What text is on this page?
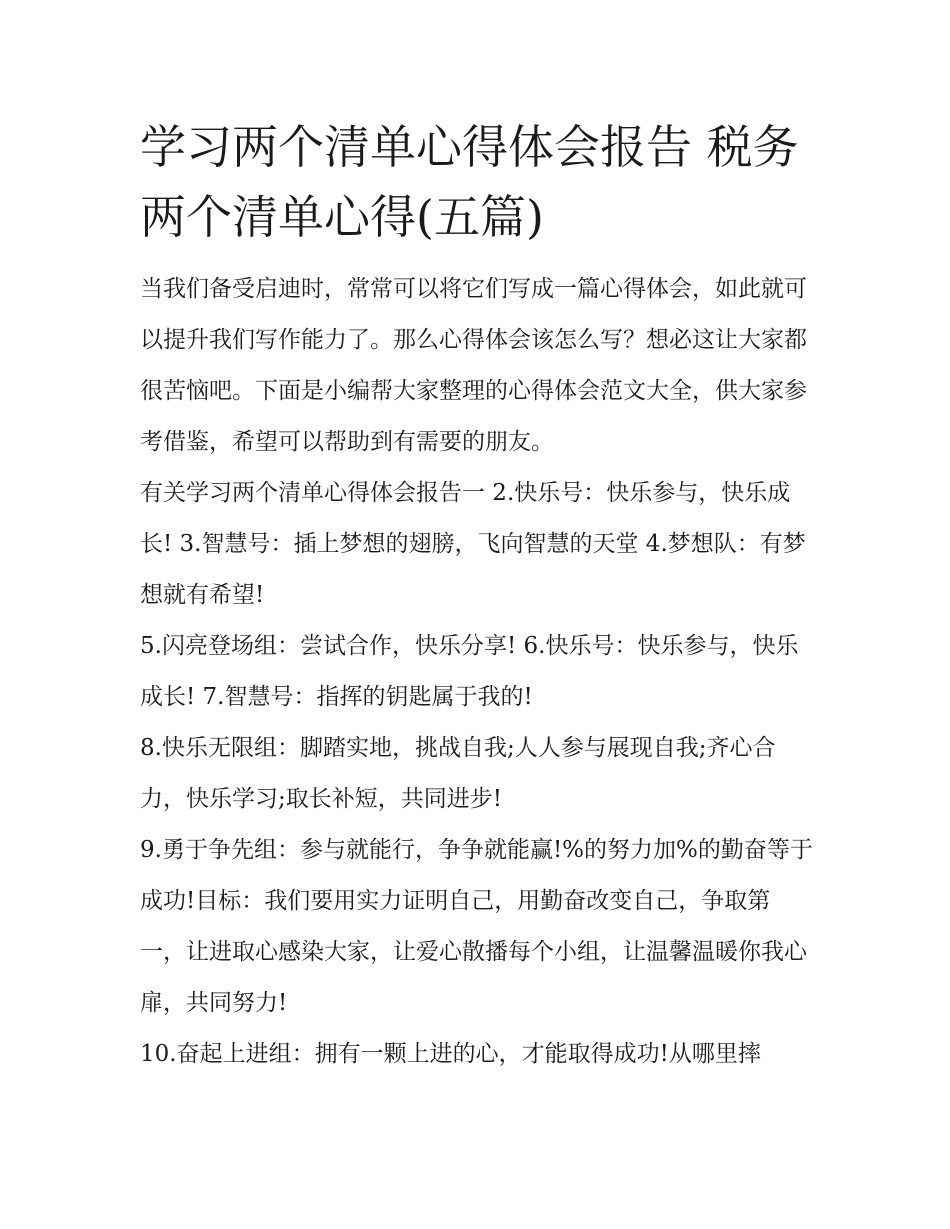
学习两个清单心得体会报告 税务两个清单心得(五篇)

当我们备受启迪时，常常可以将它们写成一篇心得体会，如此就可以提升我们写作能力了。那么心得体会该怎么写？想必这让大家都很苦恼吧。下面是小编帮大家整理的心得体会范文大全，供大家参考借鉴，希望可以帮助到有需要的朋友。

有关学习两个清单心得体会报告一 2.快乐号：快乐参与，快乐成长! 3.智慧号：插上梦想的翅膀，飞向智慧的天堂 4.梦想队：有梦想就有希望!

5.闪亮登场组：尝试合作，快乐分享! 6.快乐号：快乐参与，快乐成长! 7.智慧号：指挥的钥匙属于我的!

8.快乐无限组：脚踏实地，挑战自我;人人参与展现自我;齐心合力，快乐学习;取长补短，共同进步!

9.勇于争先组：参与就能行，争争就能赢!%的努力加%的勤奋等于成功!目标：我们要用实力证明自己，用勤奋改变自己，争取第一，让进取心感染大家，让爱心散播每个小组，让温馨温暖你我心扉，共同努力!

10.奋起上进组：拥有一颗上进的心，才能取得成功!从哪里摔
